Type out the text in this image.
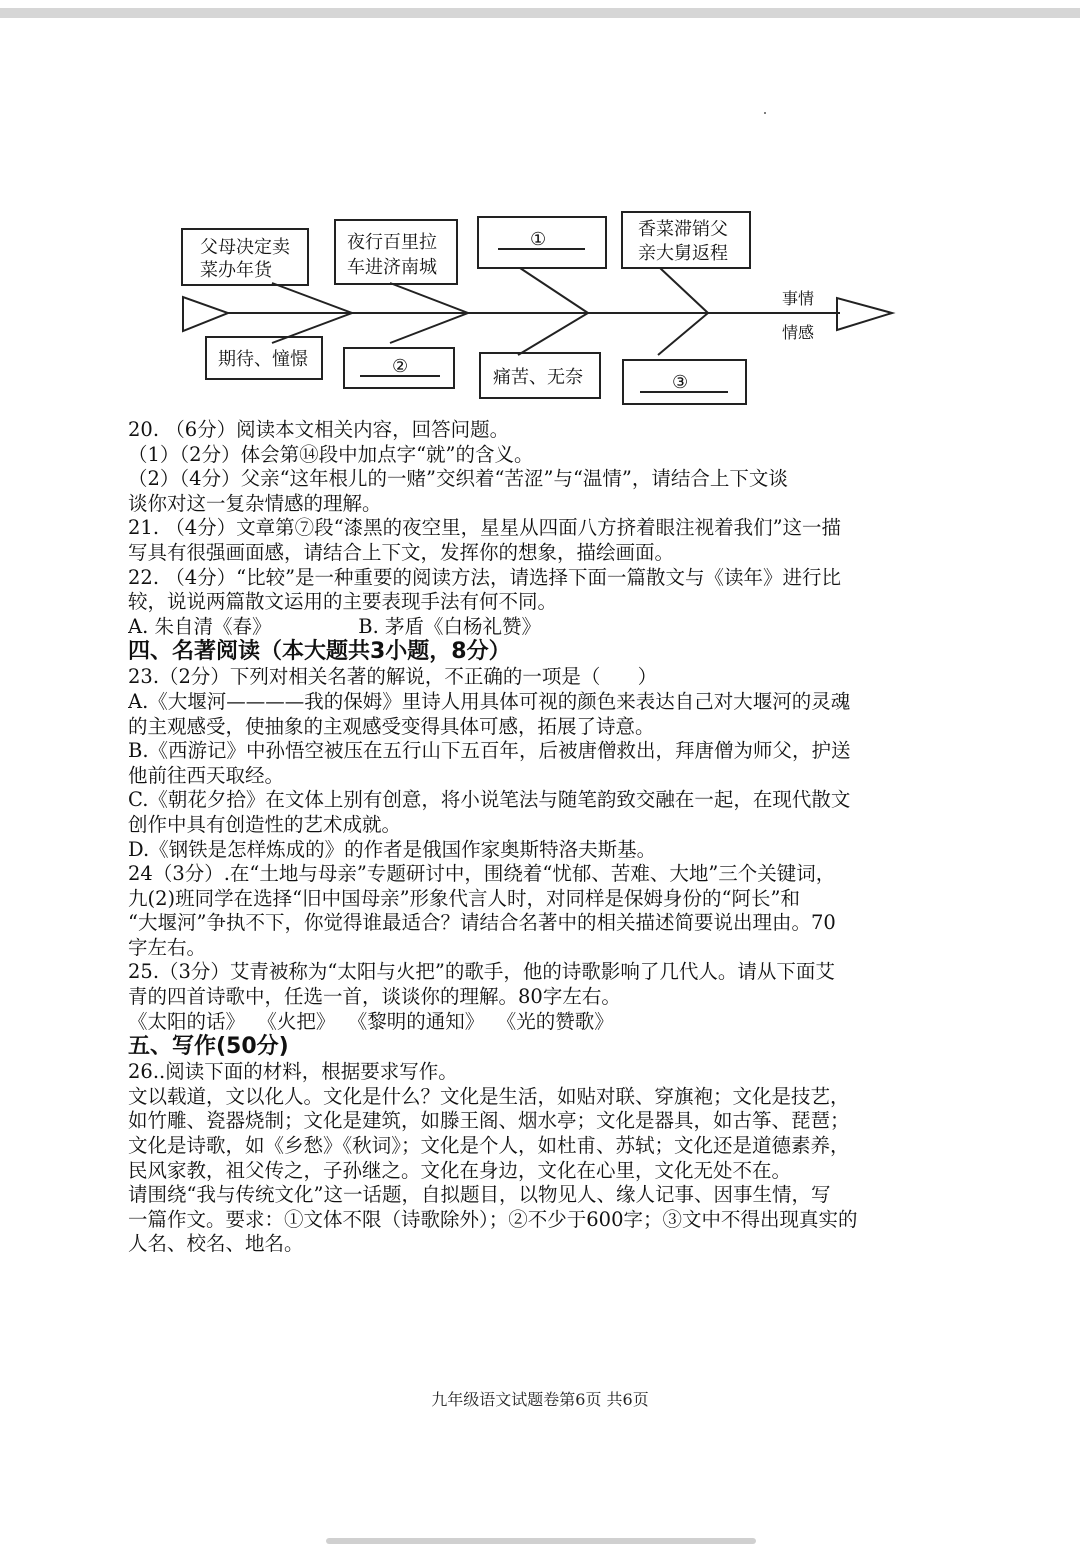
父母决定卖
菜办年货
夜行百里拉
车进济南城
①	香菜滞销父
亲大舅返程
期待、憧憬	②
痛苦、无奈	③
事情
情感
20. （6分）阅读本文相关内容，回答问题。
（1）（2分）体会第⑭段中加点字“就”的含义。
（2）（4分）父亲“这年根儿的一赌”交织着“苦涩”与“温情”，请结合上下文谈
谈你对这一复杂情感的理解。
21. （4分）文章第⑦段“漆黑的夜空里，星星从四面八方挤着眼注视着我们”这一描
写具有很强画面感，请结合上下文，发挥你的想象，描绘画面。
22. （4分）“比较”是一种重要的阅读方法，请选择下面一篇散文与《读年》进行比
较，说说两篇散文运用的主要表现手法有何不同。
A. 朱自清《春》              B. 茅盾《白杨礼赞》
四、名著阅读（本大题共3小题，8分）
23.（2分）下列对相关名著的解说，不正确的一项是（      ）
A.《大堰河————我的保姆》里诗人用具体可视的颜色来表达自己对大堰河的灵魂
的主观感受，使抽象的主观感受变得具体可感，拓展了诗意。
B.《西游记》中孙悟空被压在五行山下五百年，后被唐僧救出，拜唐僧为师父，护送
他前往西天取经。
C.《朝花夕拾》在文体上别有创意，将小说笔法与随笔韵致交融在一起，在现代散文
创作中具有创造性的艺术成就。
D.《钢铁是怎样炼成的》的作者是俄国作家奥斯特洛夫斯基。
24（3分）.在“土地与母亲”专题研讨中，围绕着“忧郁、苦难、大地”三个关键词，
九(2)班同学在选择“旧中国母亲”形象代言人时，对同样是保姆身份的“阿长”和
“大堰河”争执不下，你觉得谁最适合？请结合名著中的相关描述简要说出理由。70
字左右。
25.（3分）艾青被称为“太阳与火把”的歌手，他的诗歌影响了几代人。请从下面艾
青的四首诗歌中，任选一首，谈谈你的理解。80字左右。
《太阳的话》  《火把》  《黎明的通知》  《光的赞歌》
五、写作(50分)
26..阅读下面的材料，根据要求写作。
文以载道，文以化人。文化是什么？文化是生活，如贴对联、穿旗袍；文化是技艺，
如竹雕、瓷器烧制；文化是建筑，如滕王阁、烟水亭；文化是器具，如古筝、琵琶；
文化是诗歌，如《乡愁》《秋词》；文化是个人，如杜甫、苏轼；文化还是道德素养，
民风家教，祖父传之，子孙继之。文化在身边，文化在心里，文化无处不在。
请围绕“我与传统文化”这一话题，自拟题目，以物见人、缘人记事、因事生情，写
一篇作文。要求：①文体不限（诗歌除外）；②不少于600字；③文中不得出现真实的
人名、校名、地名。
九年级语文试题卷第6页 共6页
